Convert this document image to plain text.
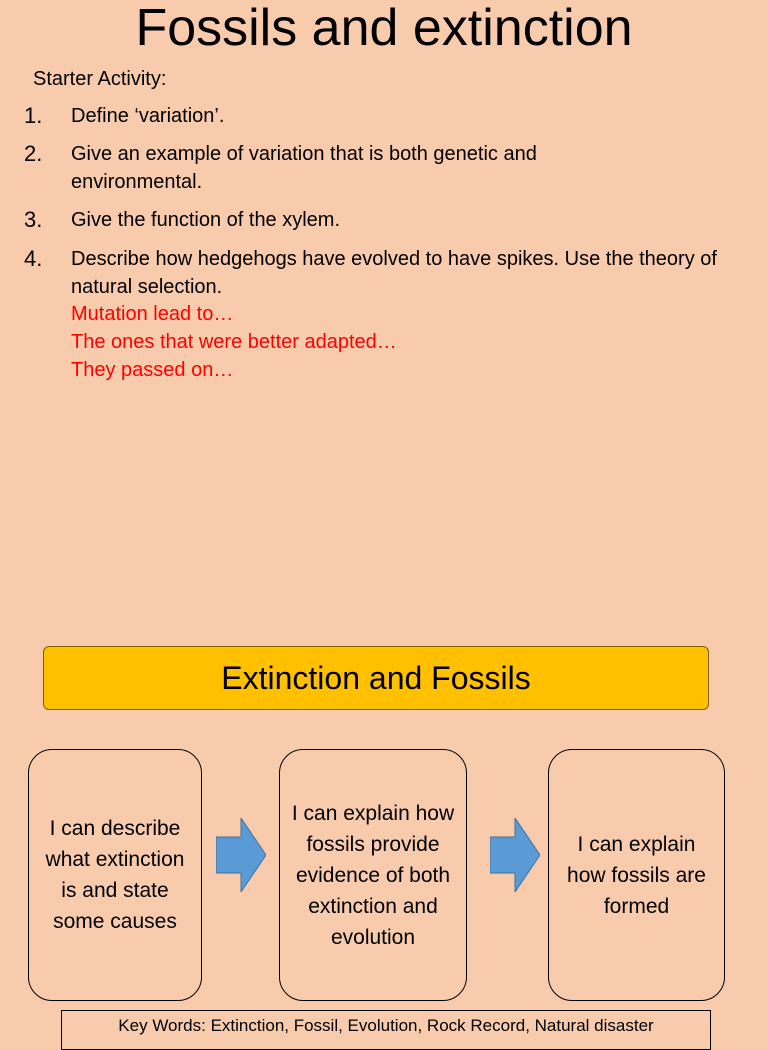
Fossils and extinction
Starter Activity:
1. Define ‘variation’.
2. Give an example of variation that is both genetic and environmental.
3. Give the function of the xylem.
4. Describe how hedgehogs have evolved to have spikes. Use the theory of natural selection.
Mutation lead to…
The ones that were better adapted…
They passed on…
Extinction and Fossils
I can describe what extinction is and state some causes
I can explain how fossils provide evidence of both extinction and evolution
I can explain how fossils are formed
Key Words: Extinction, Fossil, Evolution, Rock Record, Natural disaster
